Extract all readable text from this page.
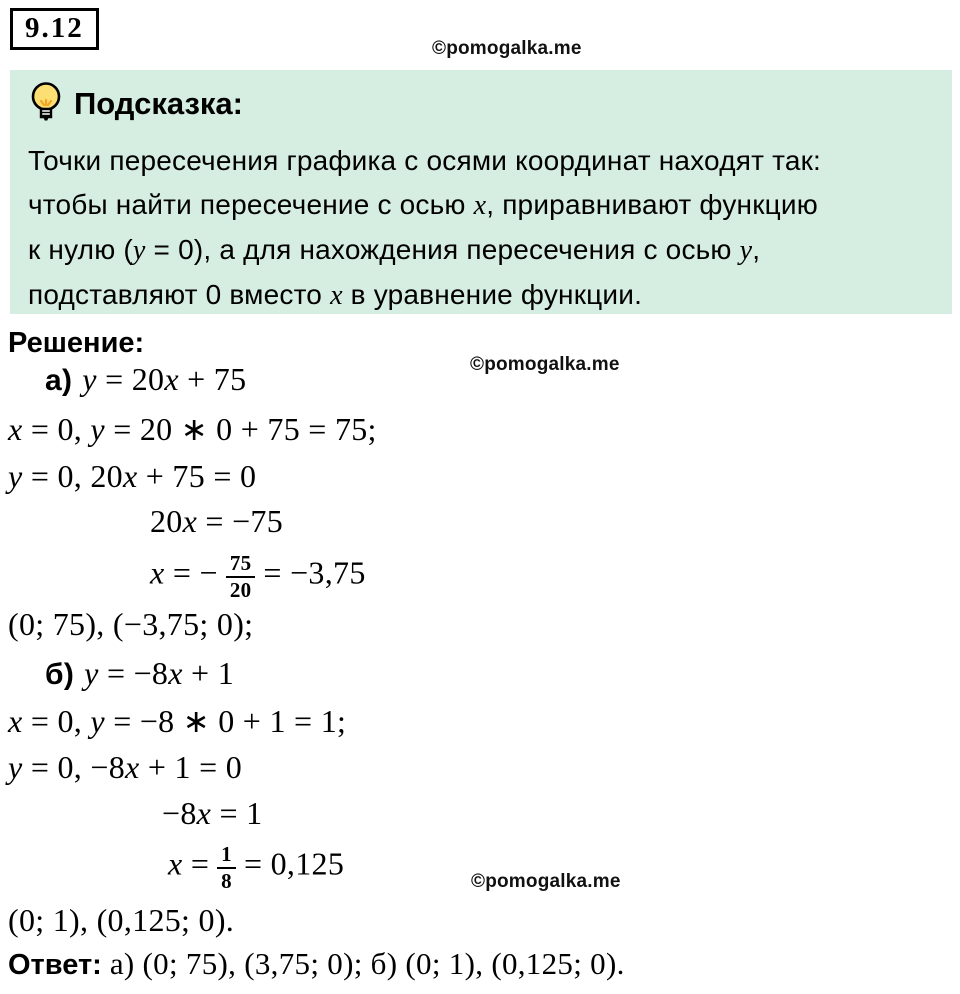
9.12
©pomogalka.me
Подсказка:
Точки пересечения графика с осями координат находят так:
чтобы найти пересечение с осью x, приравнивают функцию
к нулю (y = 0), а для нахождения пересечения с осью y,
подставляют 0 вместо x в уравнение функции.
Решение:
©pomogalka.me
а) y = 20x + 75
x = 0, y = 20 ∗ 0 + 75 = 75;
y = 0, 20x + 75 = 0
20x = −75
x = − $\frac{75}{20} = -3,75$
(0; 75), (−3,75; 0);
б) y = −8x + 1
x = 0, y = −8 ∗ 0 + 1 = 1;
y = 0, −8x + 1 = 0
−8x = 1
$x = \frac{1}{8} = 0,125$
(0; 1), (0,125; 0).
©pomogalka.me
Ответ: а) (0; 75), (3,75; 0); б) (0; 1), (0,125; 0).
